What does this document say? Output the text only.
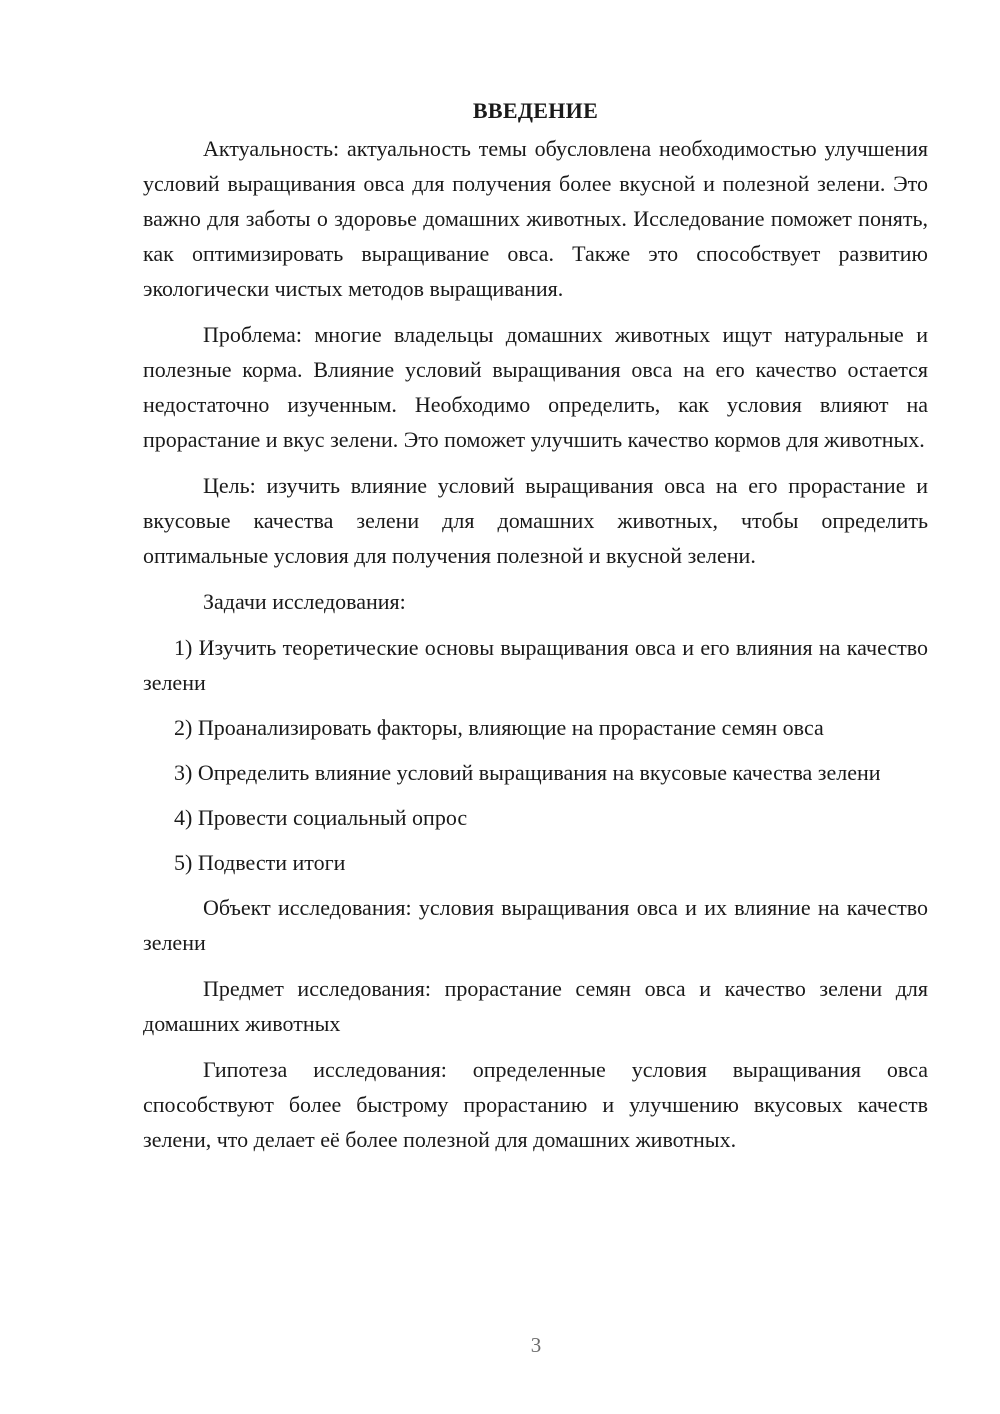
ВВЕДЕНИЕ

Актуальность: актуальность темы обусловлена необходимостью улучшения условий выращивания овса для получения более вкусной и полезной зелени. Это важно для заботы о здоровье домашних животных. Исследование поможет понять, как оптимизировать выращивание овса. Также это способствует развитию экологически чистых методов выращивания.

Проблема: многие владельцы домашних животных ищут натуральные и полезные корма. Влияние условий выращивания овса на его качество остается недостаточно изученным. Необходимо определить, как условия влияют на прорастание и вкус зелени. Это поможет улучшить качество кормов для животных.

Цель: изучить влияние условий выращивания овса на его прорастание и вкусовые качества зелени для домашних животных, чтобы определить оптимальные условия для получения полезной и вкусной зелени.

Задачи исследования:

1) Изучить теоретические основы выращивания овса и его влияния на качество зелени

2) Проанализировать факторы, влияющие на прорастание семян овса

3) Определить влияние условий выращивания на вкусовые качества зелени

4) Провести социальный опрос

5) Подвести итоги

Объект исследования: условия выращивания овса и их влияние на качество зелени

Предмет исследования: прорастание семян овса и качество зелени для домашних животных

Гипотеза исследования: определенные условия выращивания овса способствуют более быстрому прорастанию и улучшению вкусовых качеств зелени, что делает её более полезной для домашних животных.

3
